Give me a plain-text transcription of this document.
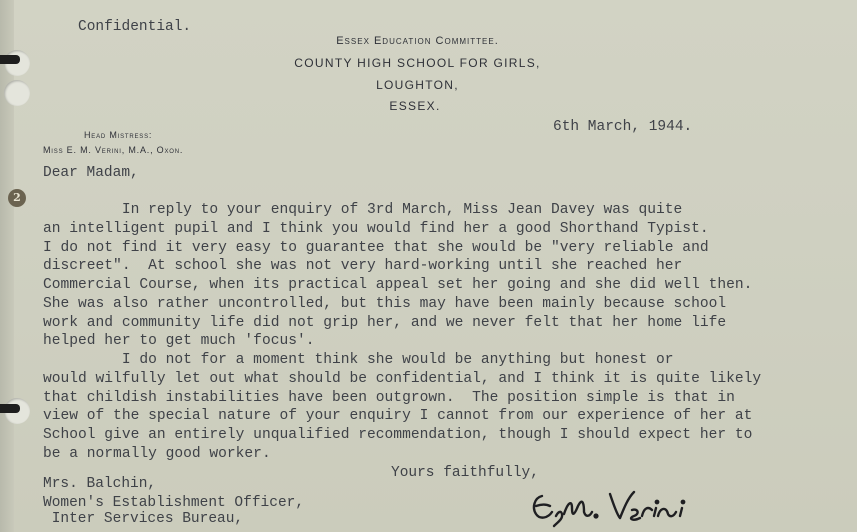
2
Confidential.
Essex Education Committee.
COUNTY HIGH SCHOOL FOR GIRLS,
LOUGHTON,
ESSEX.
Head Mistress:
Miss E. M. Verini, M.A., Oxon.
6th March, 1944.
Dear Madam,
In reply to your enquiry of 3rd March, Miss Jean Davey was quite
an intelligent pupil and I think you would find her a good Shorthand Typist.
I do not find it very easy to guarantee that she would be "very reliable and
discreet".  At school she was not very hard-working until she reached her
Commercial Course, when its practical appeal set her going and she did well then.
She was also rather uncontrolled, but this may have been mainly because school
work and community life did not grip her, and we never felt that her home life
helped her to get much 'focus'.
I do not for a moment think she would be anything but honest or
would wilfully let out what should be confidential, and I think it is quite likely
that childish instabilities have been outgrown.  The position simple is that in
view of the special nature of your enquiry I cannot from our experience of her at
School give an entirely unqualified recommendation, though I should expect her to
be a normally good worker.
Yours faithfully,
Mrs. Balchin,
Women's Establishment Officer,
Inter Services Bureau,
